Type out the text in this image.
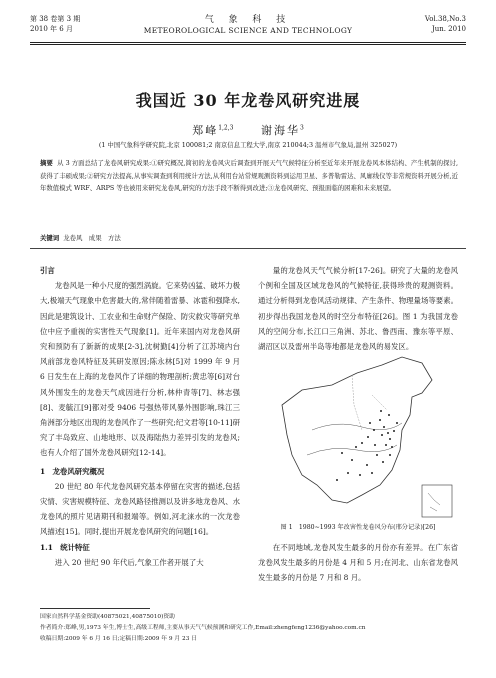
第 38 卷第 3 期
2010 年 6 月
气 象 科 技
METEOROLOGICAL SCIENCE AND TECHNOLOGY
Vol.38,No.3
Jun. 2010
我国近 30 年龙卷风研究进展
郑峰$^{1,2,3}$ 谢海华$^3$
(1 中国气象科学研究院,北京 100081;2 南京信息工程大学,南京 210044;3 温州市气象局,温州 325027)
摘要 从 3 方面总结了龙卷风研究成果:①研究概况,简初的龙卷风灾后调查到开展天气气候特征分析至近年来开展龙卷风本体结构、产生机制的探讨,获得了丰硕成果;②研究方法提高,从事实调查到利用统计方法,从利用台站常规观测资料到运用卫星、多普勒雷达、风廓线仪等非常规资料开展分析,近年数值模式 WRF、ARPS 等也被用来研究龙卷风,研究的方法手段不断得到改进;③龙卷风研究、预报面临的困难和未来展望。
关键词 龙卷风　成果　方法
引言
龙卷风是一种小尺度的强烈涡旋。它来势凶猛、破坏力极大,极端天气现象中危害最大的,常伴随着雷暴、冰雹和强降水,因此是建筑设计、工农业和生命财产保险、防灾救灾等研究单位中应予重视的实害性天气现象[1]。近年来国内对龙卷风研究和预防有了新新的成果[2-3],沈树勤[4]分析了江苏境内台风前部龙卷风特征及其研发原因;陈永林[5]对 1999 年 9 月 6 日发生在上海的龙卷风作了详细的物理剖析;黄忠等[6]对台风外围发生的龙卷天气成因进行分析,林仲青等[7]、林志强[8]、麦毓江[9]都对受 9406 号强热带风暴外围影响,珠江三角洲部分地区出现的龙卷风作了一些研究;纪文君等[10-11]研究了丰岛致应、山地地形、以及海陆热力差异引发的龙卷风;也有人介绍了国外龙卷风研究[12-14]。
1　龙卷风研究概况
20 世纪 80 年代龙卷风研究基本停留在灾害的描述,包括灾情、灾害规模特征、龙卷风路径推测以及讲多地龙卷风、水龙卷风的照片见诸期刊和报端等。例如,河北涞水的一次龙卷风描述[15]。同时,提出开展龙卷风研究的问题[16]。
1.1　统计特征
进入 20 世纪 90 年代后,气象工作者开展了大
量的龙卷风天气气候分析[17-26]。研究了大量的龙卷风个例和全国及区域龙卷风的气候特征,获得珍贵的观测资料。通过分析得到龙卷风活动规律、产生条件、物理量场等要素。初步得出我国龙卷风的时空分布特征[26]。图 1 为我国龙卷风的空间分布,长江口三角洲、苏北、鲁西南、豫东等平原、湖沼区以及雷州半岛等地都是龙卷风的易发区。
图 1　1980~1993 年改害性龙卷风分布(邢分记录)[26]
在不同地域,龙卷风发生最多的月份亦有差异。在广东省龙卷风发生最多的月份是 4 月和 5 月;在河北、山东省龙卷风发生最多的月份是 7 月和 8 月。
国家自然科学基金资助(40875021,40875010)资助
作者简介:郑峰,男,1973 年生,博士生,高级工程师,主要从事天气气候预测和研究工作,Email:zhengfeng1236@yahoo.com.cn
收稿日期:2009 年 6 月 16 日;定稿日期:2009 年 9 月 23 日
